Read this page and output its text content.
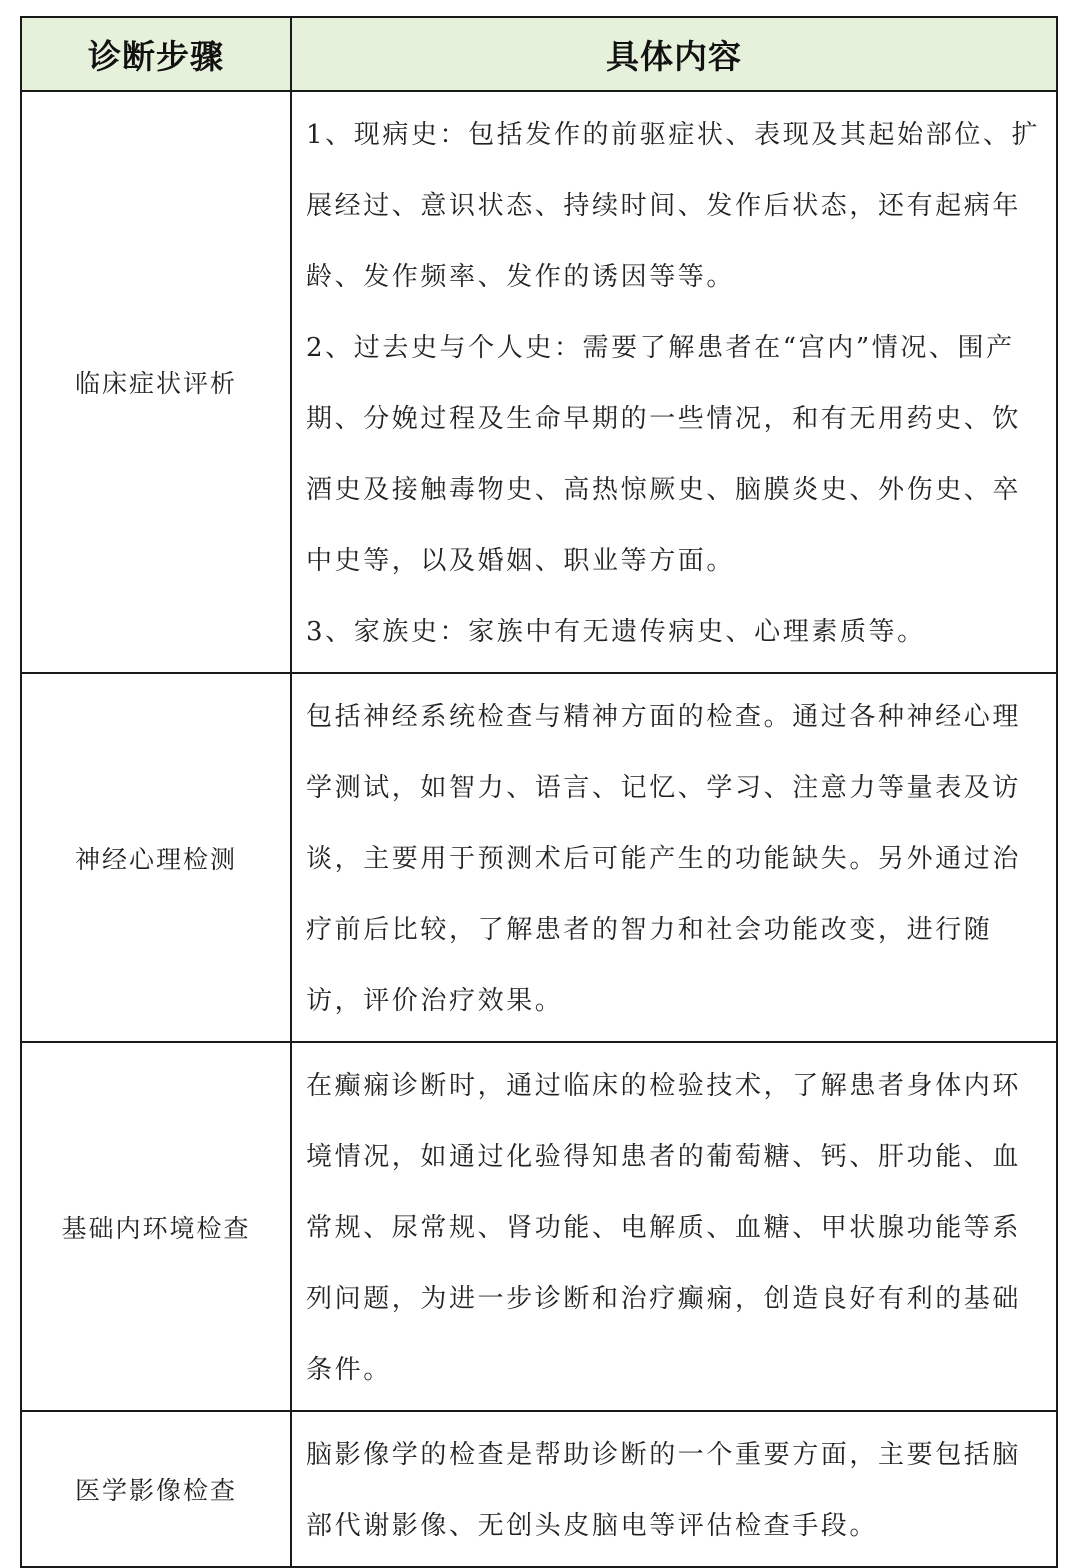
诊断步骤	具体内容
临床症状评析	1、现病史：包括发作的前驱症状、表现及其起始部位、扩展经过、意识状态、持续时间、发作后状态，还有起病年龄、发作频率、发作的诱因等等。

2、过去史与个人史：需要了解患者在“宫内”情况、围产期、分娩过程及生命早期的一些情况，和有无用药史、饮酒史及接触毒物史、高热惊厥史、脑膜炎史、外伤史、卒中史等，以及婚姻、职业等方面。

3、家族史：家族中有无遗传病史、心理素质等。

神经心理检测	包括神经系统检查与精神方面的检查。通过各种神经心理学测试，如智力、语言、记忆、学习、注意力等量表及访谈，主要用于预测术后可能产生的功能缺失。另外通过治疗前后比较，了解患者的智力和社会功能改变，进行随访，评价治疗效果。

基础内环境检查	在癫痫诊断时，通过临床的检验技术，了解患者身体内环境情况，如通过化验得知患者的葡萄糖、钙、肝功能、血常规、尿常规、肾功能、电解质、血糖、甲状腺功能等系列问题，为进一步诊断和治疗癫痫，创造良好有利的基础条件。

医学影像检查	脑影像学的检查是帮助诊断的一个重要方面，主要包括脑部代谢影像、无创头皮脑电等评估检查手段。
